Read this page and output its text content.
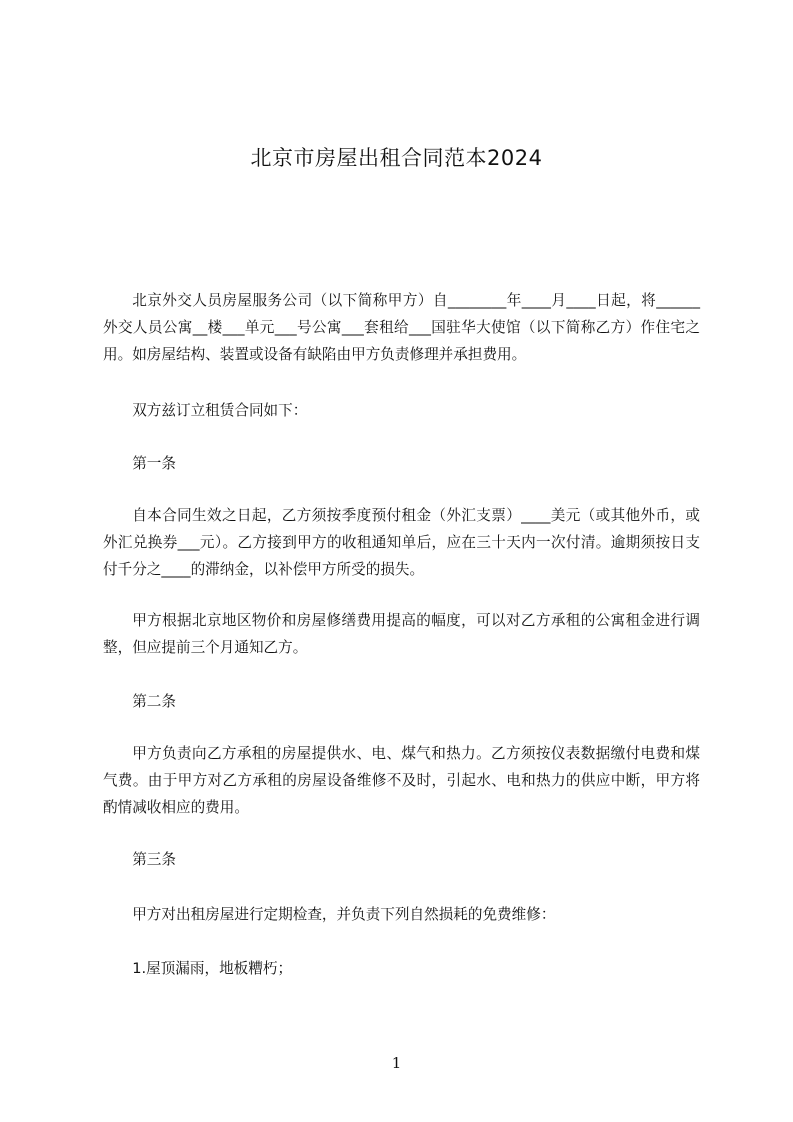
北京市房屋出租合同范本2024
北京外交人员房屋服务公司（以下简称甲方）自________年____月____日起，将______外交人员公寓__楼___单元___号公寓___套租给___国驻华大使馆（以下简称乙方）作住宅之用。如房屋结构、装置或设备有缺陷由甲方负责修理并承担费用。
双方兹订立租赁合同如下：
第一条
自本合同生效之日起，乙方须按季度预付租金（外汇支票）____美元（或其他外币，或外汇兑换券___元）。乙方接到甲方的收租通知单后，应在三十天内一次付清。逾期须按日支付千分之____的滞纳金，以补偿甲方所受的损失。
甲方根据北京地区物价和房屋修缮费用提高的幅度，可以对乙方承租的公寓租金进行调整，但应提前三个月通知乙方。
第二条
甲方负责向乙方承租的房屋提供水、电、煤气和热力。乙方须按仪表数据缴付电费和煤气费。由于甲方对乙方承租的房屋设备维修不及时，引起水、电和热力的供应中断，甲方将酌情减收相应的费用。
第三条
甲方对出租房屋进行定期检查，并负责下列自然损耗的免费维修：
1.屋顶漏雨，地板糟朽；
1
